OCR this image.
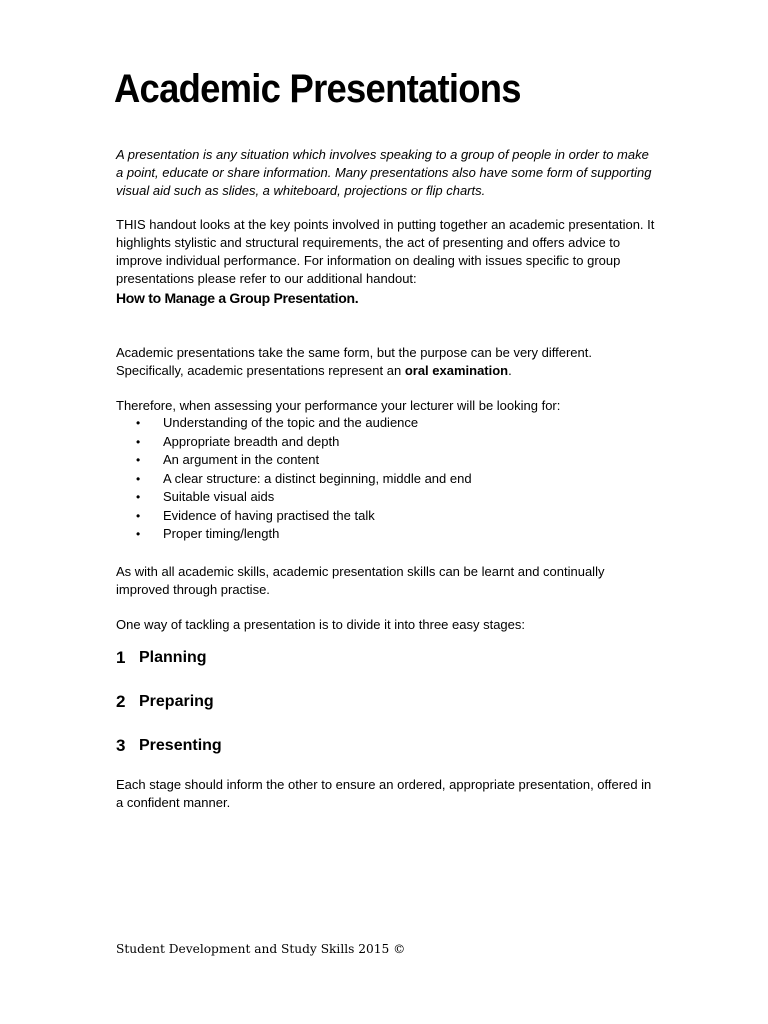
Academic Presentations

A presentation is any situation which involves speaking to a group of people in order to make a point, educate or share information. Many presentations also have some form of supporting visual aid such as slides, a whiteboard, projections or flip charts.

THIS handout looks at the key points involved in putting together an academic presentation. It highlights stylistic and structural requirements, the act of presenting and offers advice to improve individual performance. For information on dealing with issues specific to group presentations please refer to our additional handout:
How to Manage a Group Presentation.

Academic presentations take the same form, but the purpose can be very different. Specifically, academic presentations represent an oral examination.

Therefore, when assessing your performance your lecturer will be looking for:

• Understanding of the topic and the audience
• Appropriate breadth and depth
• An argument in the content
• A clear structure: a distinct beginning, middle and end
• Suitable visual aids
• Evidence of having practised the talk
• Proper timing/length

As with all academic skills, academic presentation skills can be learnt and continually improved through practise.

One way of tackling a presentation is to divide it into three easy stages:

1 Planning
2 Preparing
3 Presenting

Each stage should inform the other to ensure an ordered, appropriate presentation, offered in a confident manner.

Student Development and Study Skills 2015 ©
